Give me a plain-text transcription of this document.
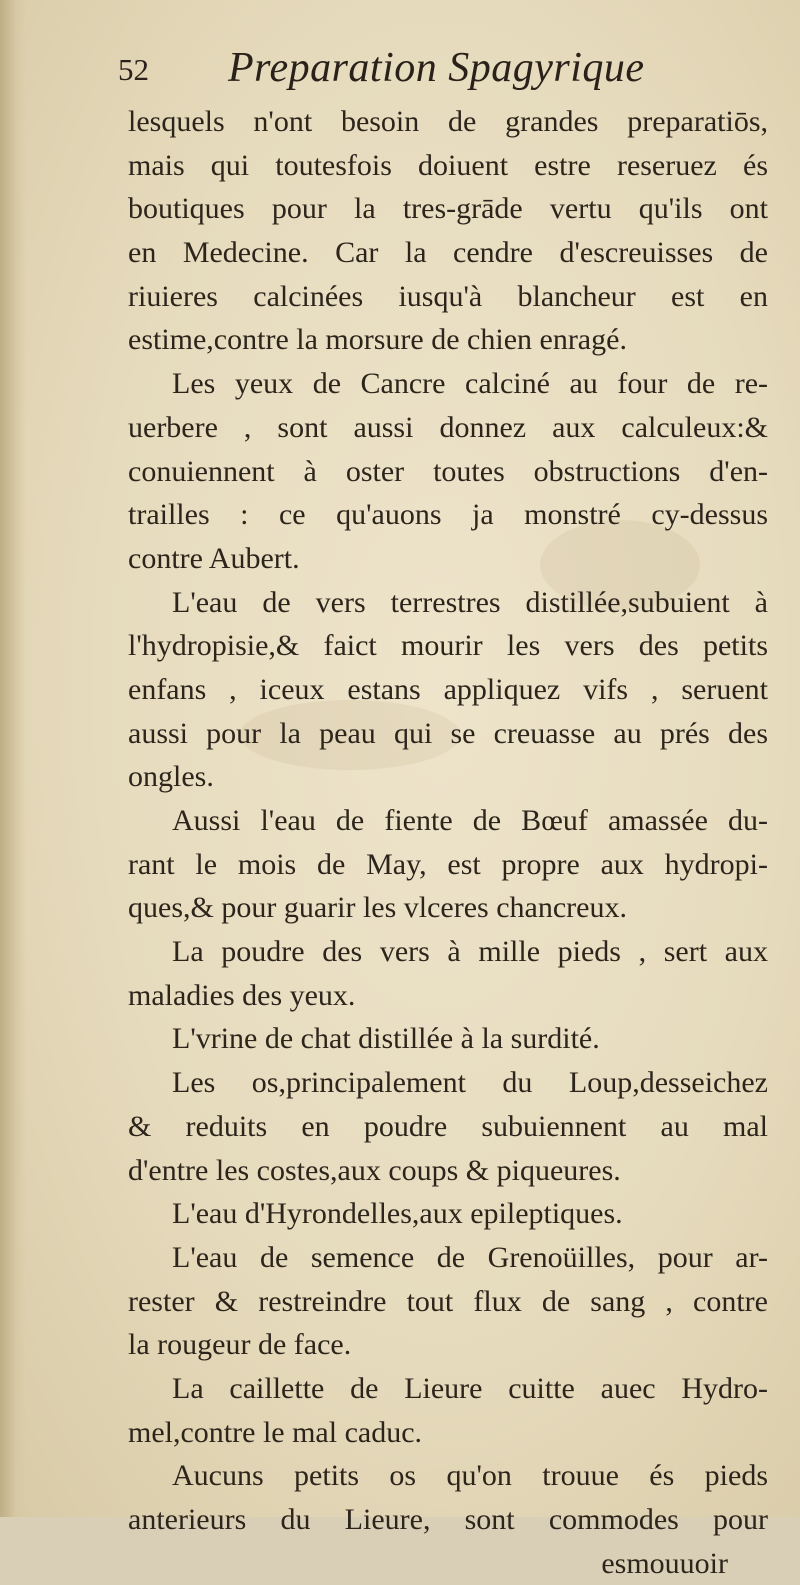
52 Preparation Spagyrique
lesquels n'ont besoin de grandes preparatiōs,
mais qui toutesfois doiuent estre reseruez és
boutiques pour la tres-grāde vertu qu'ils ont
en Medecine. Car la cendre d'escreuisses de
riuieres calcinées iusqu'à blancheur est en
estime,contre la morsure de chien enragé.
Les yeux de Cancre calciné au four de re-
uerbere , sont aussi donnez aux calculeux:&
conuiennent à oster toutes obstructions d'en-
trailles : ce qu'auons ja monstré cy-dessus
contre Aubert.
L'eau de vers terrestres distillée,subuient à
l'hydropisie,& faict mourir les vers des petits
enfans , iceux estans appliquez vifs , seruent
aussi pour la peau qui se creuasse au prés des
ongles.
Aussi l'eau de fiente de Bœuf amassée du-
rant le mois de May, est propre aux hydropi-
ques,& pour guarir les vlceres chancreux.
La poudre des vers à mille pieds , sert aux
maladies des yeux.
L'vrine de chat distillée à la surdité.
Les os,principalement du Loup,desseichez
& reduits en poudre subuiennent au mal
d'entre les costes,aux coups & piqueures.
L'eau d'Hyrondelles,aux epileptiques.
L'eau de semence de Grenoüilles, pour ar-
rester & restreindre tout flux de sang , contre
la rougeur de face.
La caillette de Lieure cuitte auec Hydro-
mel,contre le mal caduc.
Aucuns petits os qu'on trouue és pieds
anterieurs du Lieure, sont commodes pour
esmouuoir
